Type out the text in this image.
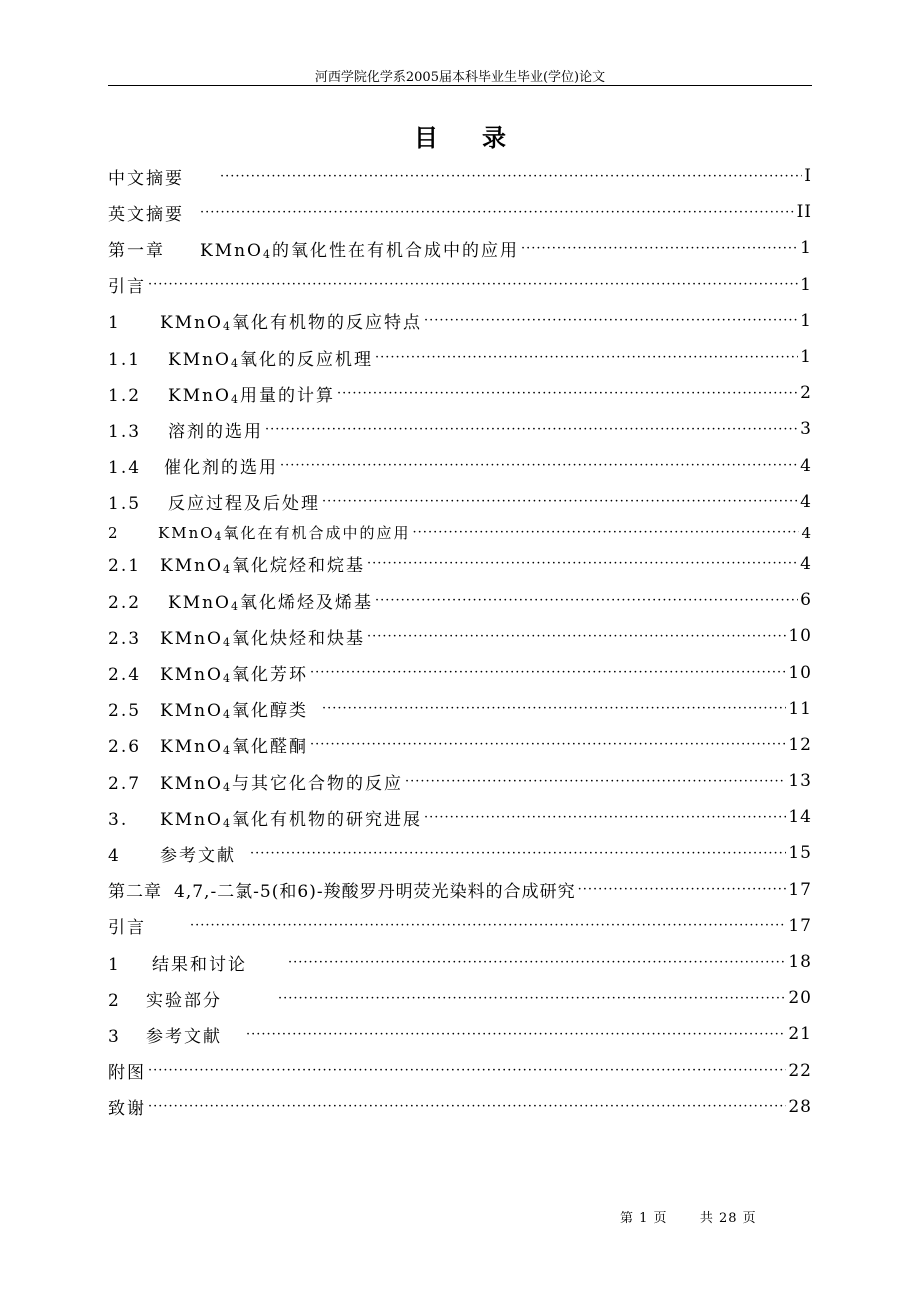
河西学院化学系2005届本科毕业生毕业(学位)论文
目录
中文摘要 ·····	I
英文摘要 ·····	II
第一章 KMnO$_4$的氧化性在有机合成中的应用 ·····	1
引言 ·····	1
1 KMnO$_4$氧化有机物的反应特点 ·····	1
1.1 KMnO$_4$氧化的反应机理 ·····	1
1.2 KMnO$_4$用量的计算 ·····	2
1.3 溶剂的选用 ·····	3
1.4 催化剂的选用 ·····	4
1.5 反应过程及后处理 ·····	4
2	KMnO$_4$氧化在有机合成中的应用 ·····	4
2.1 KMnO$_4$氧化烷烃和烷基 ·····	4
2.2 KMnO$_4$氧化烯烃及烯基 ·····	6
2.3 KMnO$_4$氧化炔烃和炔基 ·····	10
2.4 KMnO$_4$氧化芳环 ·····	10
2.5 KMnO$_4$氧化醇类 ·····	11
2.6 KMnO$_4$氧化醛酮 ·····	12
2.7 KMnO$_4$与其它化合物的反应 ·····	13
3. KMnO$_4$氧化有机物的研究进展 ·····	14
4 参考文献 ·····	15
第二章 4,7,-二氯-5(和6)-羧酸罗丹明荧光染料的合成研究 ·····	17
引言 ·····	17
1 结果和讨论 ·····	18
2 实验部分 ·····	20
3 参考文献 ·····	21
附图 ·····	22
致谢 ·····	28
第 1 页 共 28 页
